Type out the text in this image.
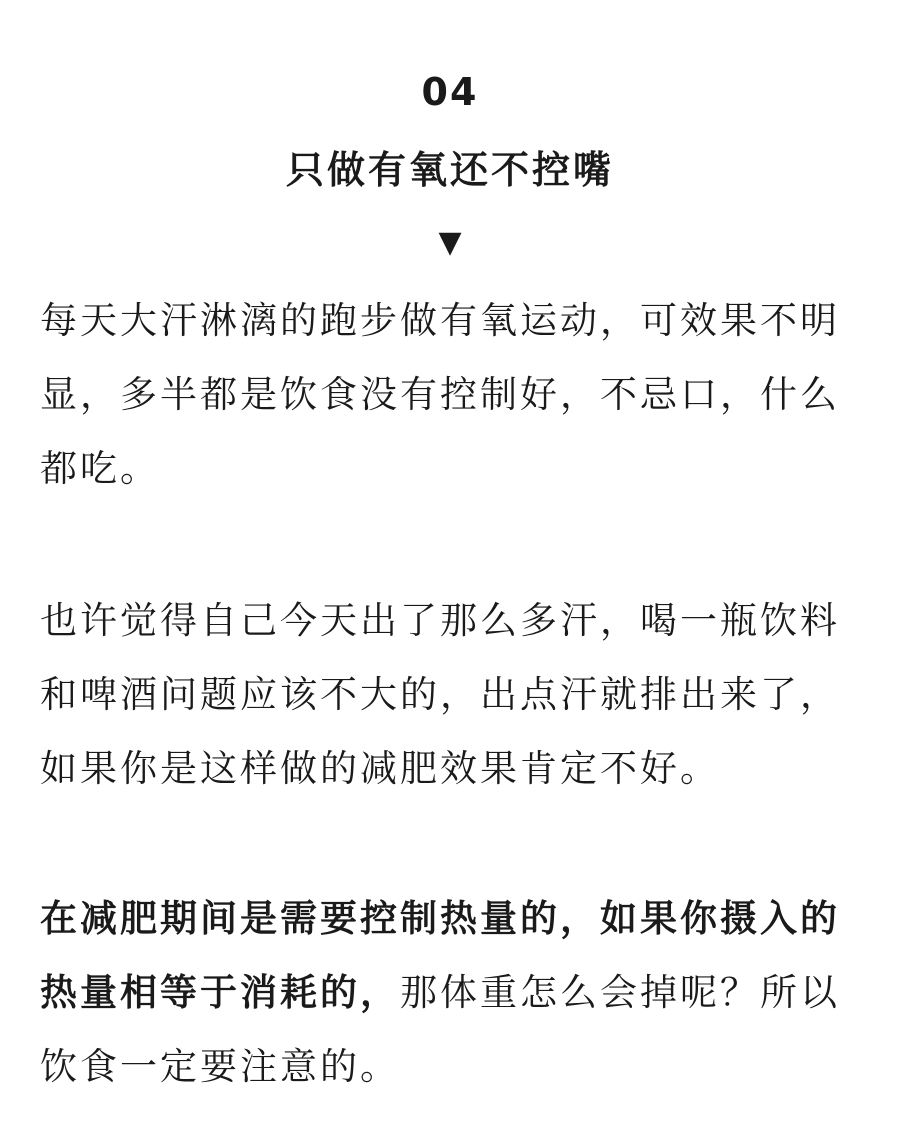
04
只做有氧还不控嘴
▼

每天大汗淋漓的跑步做有氧运动，可效果不明显，多半都是饮食没有控制好，不忌口，什么都吃。

也许觉得自己今天出了那么多汗，喝一瓶饮料和啤酒问题应该不大的，出点汗就排出来了，如果你是这样做的减肥效果肯定不好。

在减肥期间是需要控制热量的，如果你摄入的热量相等于消耗的，那体重怎么会掉呢？所以饮食一定要注意的。
